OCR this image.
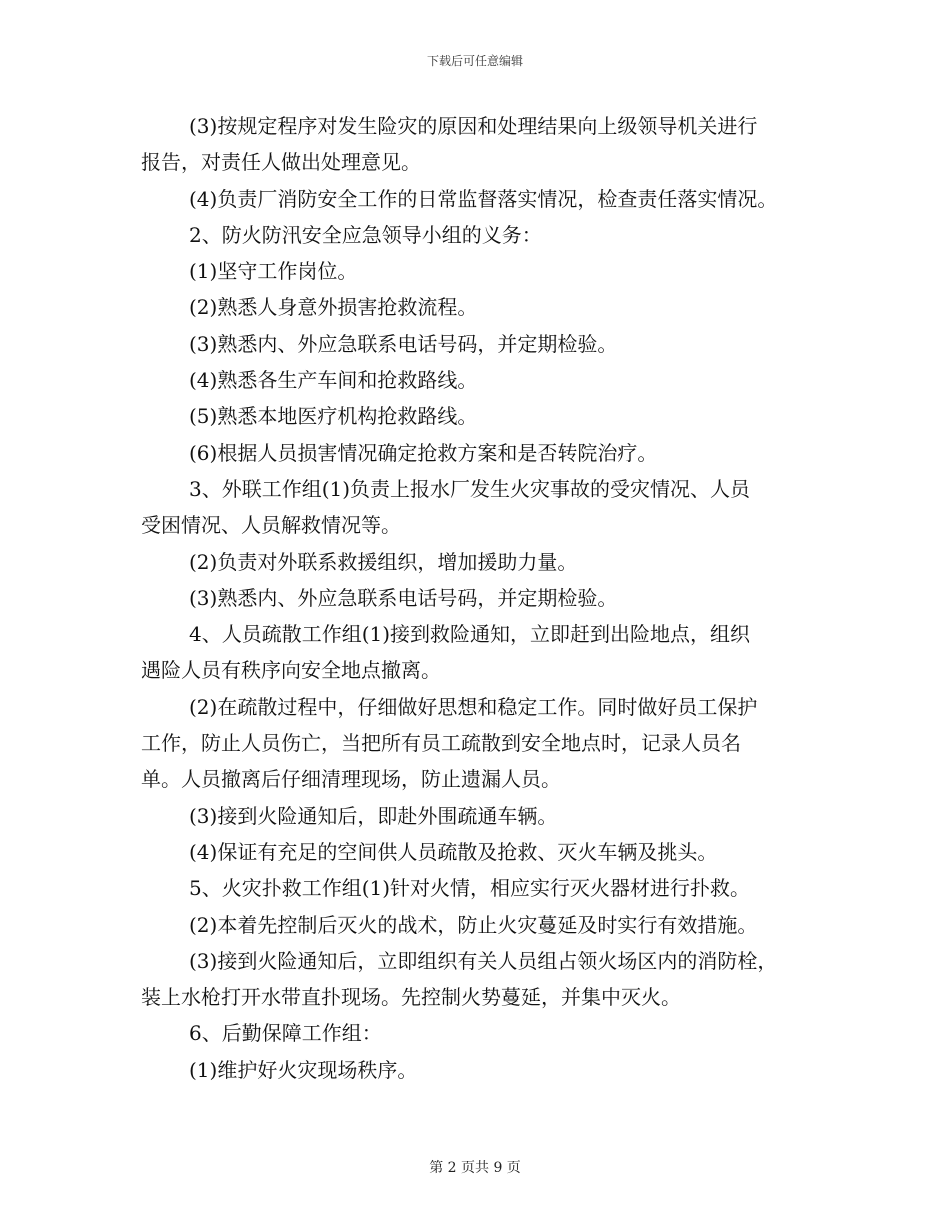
下载后可任意编辑
(3)按规定程序对发生险灾的原因和处理结果向上级领导机关进行
报告，对责任人做出处理意见。
(4)负责厂消防安全工作的日常监督落实情况，检查责任落实情况。
2、防火防汛安全应急领导小组的义务：
(1)坚守工作岗位。
(2)熟悉人身意外损害抢救流程。
(3)熟悉内、外应急联系电话号码，并定期检验。
(4)熟悉各生产车间和抢救路线。
(5)熟悉本地医疗机构抢救路线。
(6)根据人员损害情况确定抢救方案和是否转院治疗。
3、外联工作组(1)负责上报水厂发生火灾事故的受灾情况、人员
受困情况、人员解救情况等。
(2)负责对外联系救援组织，增加援助力量。
(3)熟悉内、外应急联系电话号码，并定期检验。
4、人员疏散工作组(1)接到救险通知，立即赶到出险地点，组织
遇险人员有秩序向安全地点撤离。
(2)在疏散过程中，仔细做好思想和稳定工作。同时做好员工保护
工作，防止人员伤亡，当把所有员工疏散到安全地点时，记录人员名
单。人员撤离后仔细清理现场，防止遗漏人员。
(3)接到火险通知后，即赴外围疏通车辆。
(4)保证有充足的空间供人员疏散及抢救、灭火车辆及挑头。
5、火灾扑救工作组(1)针对火情，相应实行灭火器材进行扑救。
(2)本着先控制后灭火的战术，防止火灾蔓延及时实行有效措施。
(3)接到火险通知后，立即组织有关人员组占领火场区内的消防栓，
装上水枪打开水带直扑现场。先控制火势蔓延，并集中灭火。
6、后勤保障工作组：
(1)维护好火灾现场秩序。
第 2 页共 9 页
